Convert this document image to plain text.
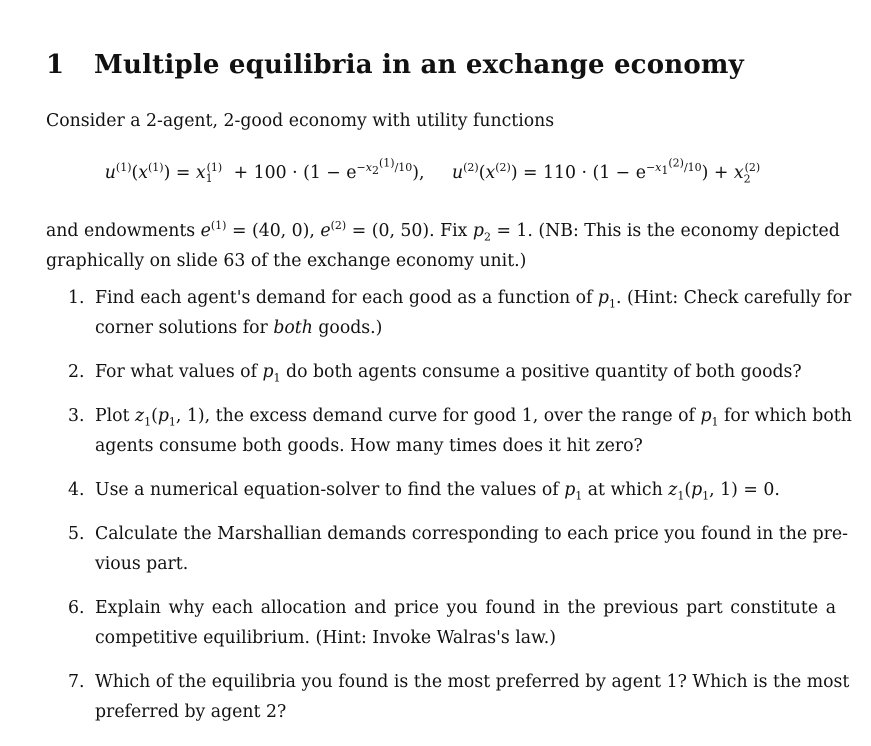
1 Multiple equilibria in an exchange economy
Consider a 2-agent, 2-good economy with utility functions
$u^{(1)}(x^{(1)}) = x_1^{(1)} + 100 \cdot (1 - e^{-x_2^{(1)}/10})$, $u^{(2)}(x^{(2)}) = 110 \cdot (1 - e^{-x_1^{(2)}/10}) + x_2^{(2)}$
and endowments $e^{(1)} = (40$, 0), $e^{(2)} = (0$, 50). Fix $p_2 = 1$. (NB: This is the economy depicted
graphically on slide 63 of the exchange economy unit.)
1. Find each agent's demand for each good as a function of $p_1$. (Hint: Check carefully for
corner solutions for both goods.)
2. For what values of $p_1$ do both agents consume a positive quantity of both goods?
3. Plot $z_1(p_1$, 1), the excess demand curve for good 1, over the range of $p_1$ for which both
agents consume both goods. How many times does it hit zero?
4. Use a numerical equation-solver to find the values of $p_1$ at which $z_1(p_1$, 1) = 0.
5. Calculate the Marshallian demands corresponding to each price you found in the pre-
vious part.
6. Explain why each allocation and price you found in the previous part constitute a
competitive equilibrium. (Hint: Invoke Walras's law.)
7. Which of the equilibria you found is the most preferred by agent 1? Which is the most
preferred by agent 2?
